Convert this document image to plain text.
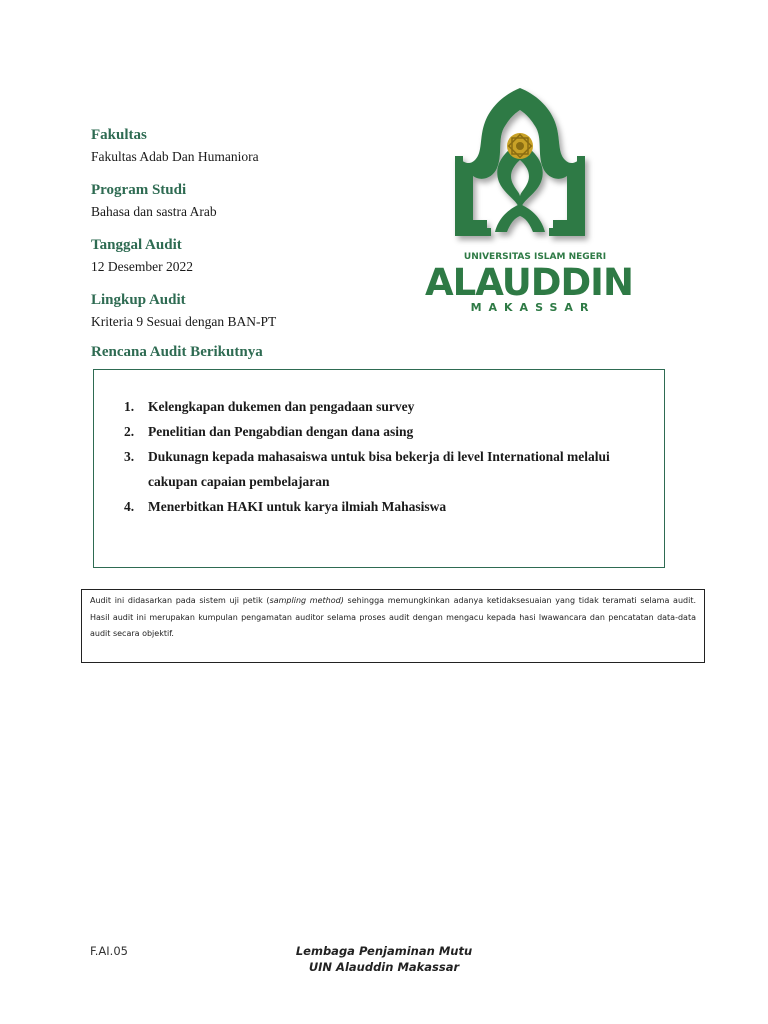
Fakultas
Fakultas Adab Dan Humaniora
Program Studi
Bahasa dan sastra Arab
Tanggal Audit
12 Desember 2022
Lingkup Audit
Kriteria 9 Sesuai dengan BAN-PT
Rencana Audit Berikutnya
1.	Kelengkapan dukemen dan pengadaan survey
2.	Penelitian dan Pengabdian dengan dana asing
3.	Dukunagn kepada mahasaiswa untuk bisa bekerja di level International melalui cakupan capaian pembelajaran
4.	Menerbitkan HAKI untuk karya ilmiah Mahasiswa
Audit ini didasarkan pada sistem uji petik (sampling method) sehingga memungkinkan adanya ketidaksesuaian yang tidak teramati selama audit. Hasil audit ini merupakan kumpulan pengamatan auditor selama proses audit dengan mengacu kepada hasi lwawancara dan pencatatan data-data audit secara objektif.
UNIVERSITAS ISLAM NEGERI
ALAUDDIN
MAKASSAR
F.AI.05	Lembaga Penjaminan Mutu
UIN Alauddin Makassar
